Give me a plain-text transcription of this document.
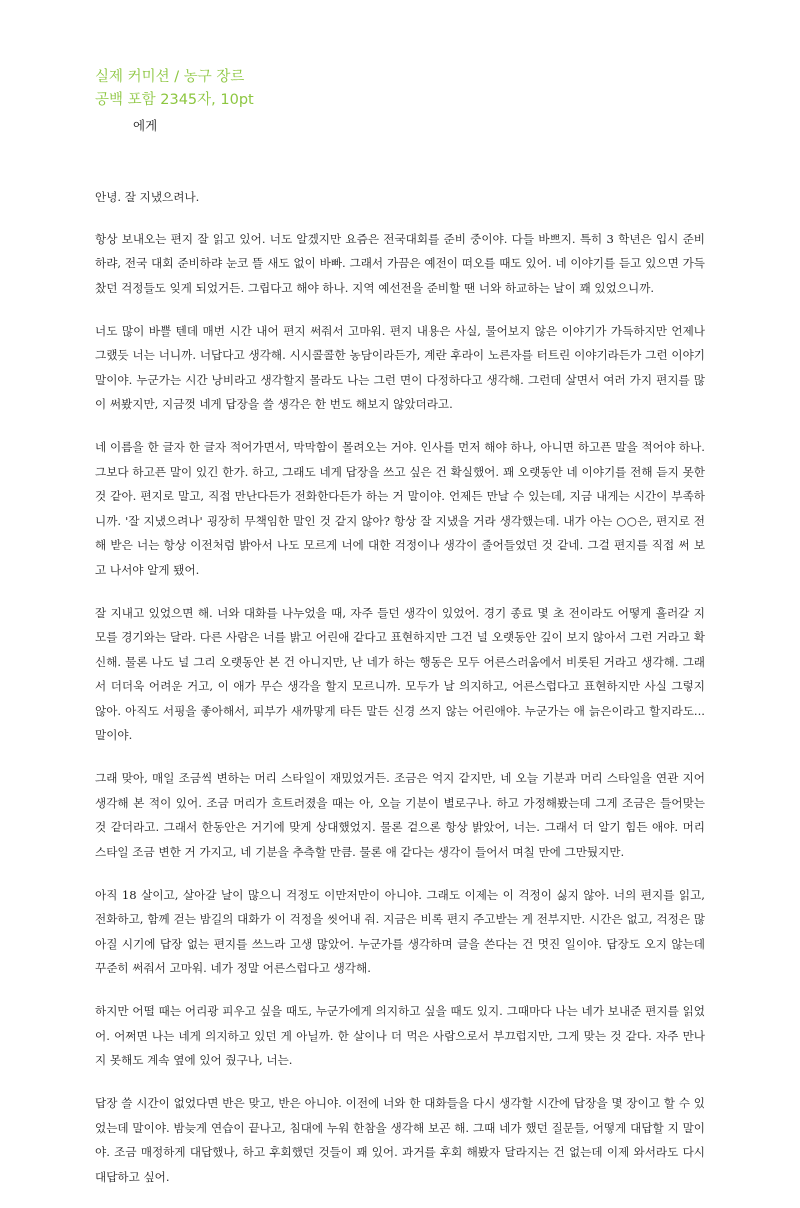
실제 커미션 / 농구 장르
공백 포함 2345자, 10pt
에게

안녕. 잘 지냈으려나.

항상 보내오는 편지 잘 읽고 있어. 너도 알겠지만 요즘은 전국대회를 준비 중이야. 다들 바쁘지. 특히 3 학년은 입시 준비하랴, 전국 대회 준비하랴 눈코 뜰 새도 없이 바빠. 그래서 가끔은 예전이 떠오를 때도 있어. 네 이야기를 듣고 있으면 가득 찼던 걱정들도 잊게 되었거든. 그립다고 해야 하나. 지역 예선전을 준비할 땐 너와 하교하는 날이 꽤 있었으니까.

너도 많이 바쁠 텐데 매번 시간 내어 편지 써줘서 고마워. 편지 내용은 사실, 물어보지 않은 이야기가 가득하지만 언제나 그랬듯 너는 너니까. 너답다고 생각해. 시시콜콜한 농담이라든가, 계란 후라이 노른자를 터트린 이야기라든가 그런 이야기 말이야. 누군가는 시간 낭비라고 생각할지 몰라도 나는 그런 면이 다정하다고 생각해. 그런데 살면서 여러 가지 편지를 많이 써봤지만, 지금껏 네게 답장을 쓸 생각은 한 번도 해보지 않았더라고.

네 이름을 한 글자 한 글자 적어가면서, 막막함이 몰려오는 거야. 인사를 먼저 해야 하나, 아니면 하고픈 말을 적어야 하나. 그보다 하고픈 말이 있긴 한가. 하고, 그래도 네게 답장을 쓰고 싶은 건 확실했어. 꽤 오랫동안 네 이야기를 전해 듣지 못한 것 같아. 편지로 말고, 직접 만난다든가 전화한다든가 하는 거 말이야. 언제든 만날 수 있는데, 지금 내게는 시간이 부족하니까. '잘 지냈으려나' 굉장히 무책임한 말인 것 같지 않아? 항상 잘 지냈을 거라 생각했는데. 내가 아는 ○○은, 편지로 전해 받은 너는 항상 이전처럼 밝아서 나도 모르게 너에 대한 걱정이나 생각이 줄어들었던 것 같네. 그걸 편지를 직접 써 보고 나서야 알게 됐어.

잘 지내고 있었으면 해. 너와 대화를 나누었을 때, 자주 들던 생각이 있었어. 경기 종료 몇 초 전이라도 어떻게 흘러갈 지 모를 경기와는 달라. 다른 사람은 너를 밝고 어린애 같다고 표현하지만 그건 널 오랫동안 깊이 보지 않아서 그런 거라고 확신해. 물론 나도 널 그리 오랫동안 본 건 아니지만, 난 네가 하는 행동은 모두 어른스러움에서 비롯된 거라고 생각해. 그래서 더더욱 어려운 거고, 이 애가 무슨 생각을 할지 모르니까. 모두가 날 의지하고, 어른스럽다고 표현하지만 사실 그렇지 않아. 아직도 서핑을 좋아해서, 피부가 새까맣게 타든 말든 신경 쓰지 않는 어린애야. 누군가는 애 늙은이라고 할지라도... 말이야.

그래 맞아, 매일 조금씩 변하는 머리 스타일이 재밌었거든. 조금은 억지 같지만, 네 오늘 기분과 머리 스타일을 연관 지어 생각해 본 적이 있어. 조금 머리가 흐트러졌을 때는 아, 오늘 기분이 별로구나. 하고 가정해봤는데 그게 조금은 들어맞는 것 같더라고. 그래서 한동안은 거기에 맞게 상대했었지. 물론 겉으론 항상 밝았어, 너는. 그래서 더 알기 힘든 애야. 머리 스타일 조금 변한 거 가지고, 네 기분을 추측할 만큼. 물론 애 같다는 생각이 들어서 며칠 만에 그만뒀지만.

아직 18 살이고, 살아갈 날이 많으니 걱정도 이만저만이 아니야. 그래도 이제는 이 걱정이 싫지 않아. 너의 편지를 읽고, 전화하고, 함께 걷는 밤길의 대화가 이 걱정을 씻어내 줘. 지금은 비록 편지 주고받는 게 전부지만. 시간은 없고, 걱정은 많아질 시기에 답장 없는 편지를 쓰느라 고생 많았어. 누군가를 생각하며 글을 쓴다는 건 멋진 일이야. 답장도 오지 않는데 꾸준히 써줘서 고마워. 네가 정말 어른스럽다고 생각해.

하지만 어떨 때는 어리광 피우고 싶을 때도, 누군가에게 의지하고 싶을 때도 있지. 그때마다 나는 네가 보내준 편지를 읽었어. 어쩌면 나는 네게 의지하고 있던 게 아닐까. 한 살이나 더 먹은 사람으로서 부끄럽지만, 그게 맞는 것 같다. 자주 만나지 못해도 계속 옆에 있어 줬구나, 너는.

답장 쓸 시간이 없었다면 반은 맞고, 반은 아니야. 이전에 너와 한 대화들을 다시 생각할 시간에 답장을 몇 장이고 할 수 있었는데 말이야. 밤늦게 연습이 끝나고, 침대에 누워 한참을 생각해 보곤 해. 그때 네가 했던 질문들, 어떻게 대답할 지 말이야. 조금 매정하게 대답했나, 하고 후회했던 것들이 꽤 있어. 과거를 후회 해봤자 달라지는 건 없는데 이제 와서라도 다시 대답하고 싶어.
